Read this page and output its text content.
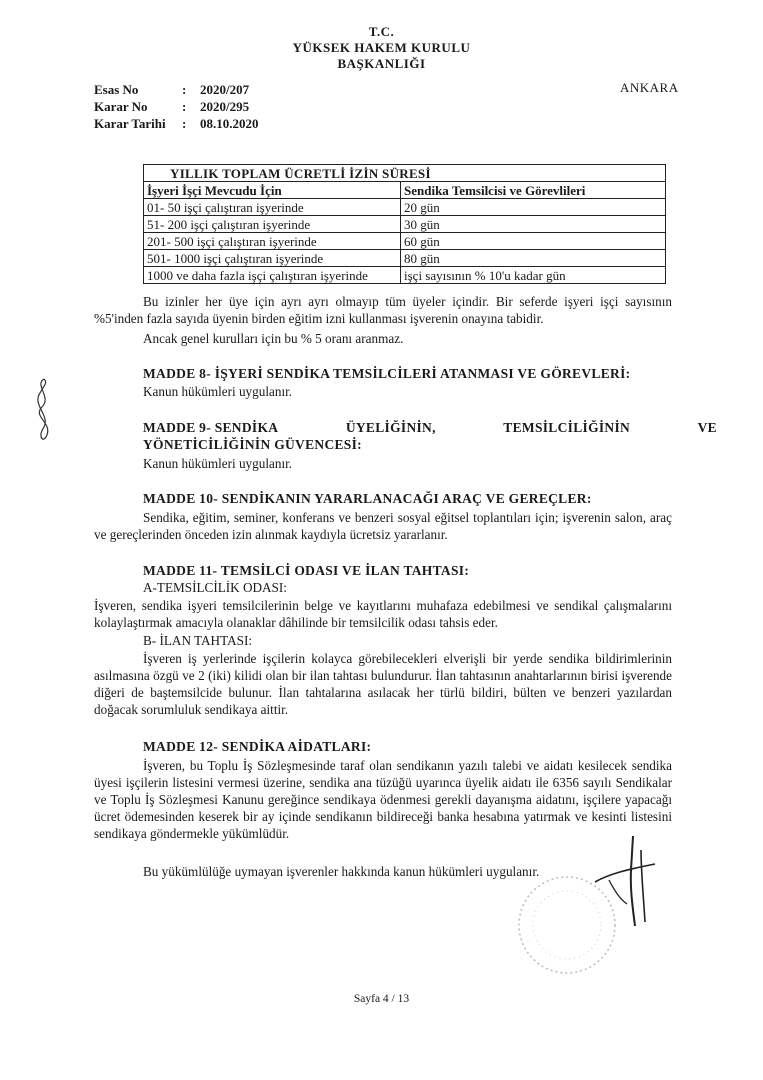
T.C.
YÜKSEK HAKEM KURULU
BAŞKANLIĞI
Esas No	: 2020/207
Karar No	: 2020/295
Karar Tarihi : 08.10.2020
ANKARA
YILLIK TOPLAM ÜCRETLİ İZİN SÜRESİ	
İşyeri İşçi Mevcudu İçin	Sendika Temsilcisi ve Görevlileri
01- 50 işçi çalıştıran işyerinde	20 gün
51- 200 işçi çalıştıran işyerinde	30 gün
201- 500 işçi çalıştıran işyerinde	60 gün
501- 1000 işçi çalıştıran işyerinde	80 gün
1000 ve daha fazla işçi çalıştıran işyerinde	işçi sayısının % 10'u kadar gün
Bu izinler her üye için ayrı ayrı olmayıp tüm üyeler içindir. Bir seferde işyeri işçi sayısının %5'inden fazla sayıda üyenin birden eğitim izni kullanması işverenin onayına tabidir.
Ancak genel kurulları için bu % 5 oranı aranmaz.
MADDE 8- İŞYERİ SENDİKA TEMSİLCİLERİ ATANMASI VE GÖREVLERİ:
Kanun hükümleri uygulanır.
MADDE 9- SENDİKA	ÜYELİĞİNİN,	TEMSİLCİLİĞİNİN	VE
YÖNETİCİLİĞİNİN GÜVENCESİ:
Kanun hükümleri uygulanır.
MADDE 10- SENDİKANIN YARARLANACAĞI ARAÇ VE GEREÇLER:
Sendika, eğitim, seminer, konferans ve benzeri sosyal eğitsel toplantıları için; işverenin salon, araç ve gereçlerinden önceden izin alınmak kaydıyla ücretsiz yararlanır.
MADDE 11- TEMSİLCİ ODASI VE İLAN TAHTASI:
A-TEMSİLCİLİK ODASI:
İşveren, sendika işyeri temsilcilerinin belge ve kayıtlarını muhafaza edebilmesi ve sendikal çalışmalarını kolaylaştırmak amacıyla olanaklar dâhilinde bir temsilcilik odası tahsis eder.
B- İLAN TAHTASI:
İşveren iş yerlerinde işçilerin kolayca görebilecekleri elverişli bir yerde sendika bildirimlerinin asılmasına özgü ve 2 (iki) kilidi olan bir ilan tahtası bulundurur. İlan tahtasının anahtarlarının birisi işverende diğeri de baştemsilcide bulunur. İlan tahtalarına asılacak her türlü bildiri, bülten ve benzeri yazılardan doğacak sorumluluk sendikaya aittir.
MADDE 12- SENDİKA AİDATLARI:
İşveren, bu Toplu İş Sözleşmesinde taraf olan sendikanın yazılı talebi ve aidatı kesilecek sendika üyesi işçilerin listesini vermesi üzerine, sendika ana tüzüğü uyarınca üyelik aidatı ile 6356 sayılı Sendikalar ve Toplu İş Sözleşmesi Kanunu gereğince sendikaya ödenmesi gerekli dayanışma aidatını, işçilere yapacağı ücret ödemesinden keserek bir ay içinde sendikanın bildireceği banka hesabına yatırmak ve kesinti listesini sendikaya göndermekle yükümlüdür.
Bu yükümlülüğe uymayan işverenler hakkında kanun hükümleri uygulanır.
Sayfa 4 / 13
